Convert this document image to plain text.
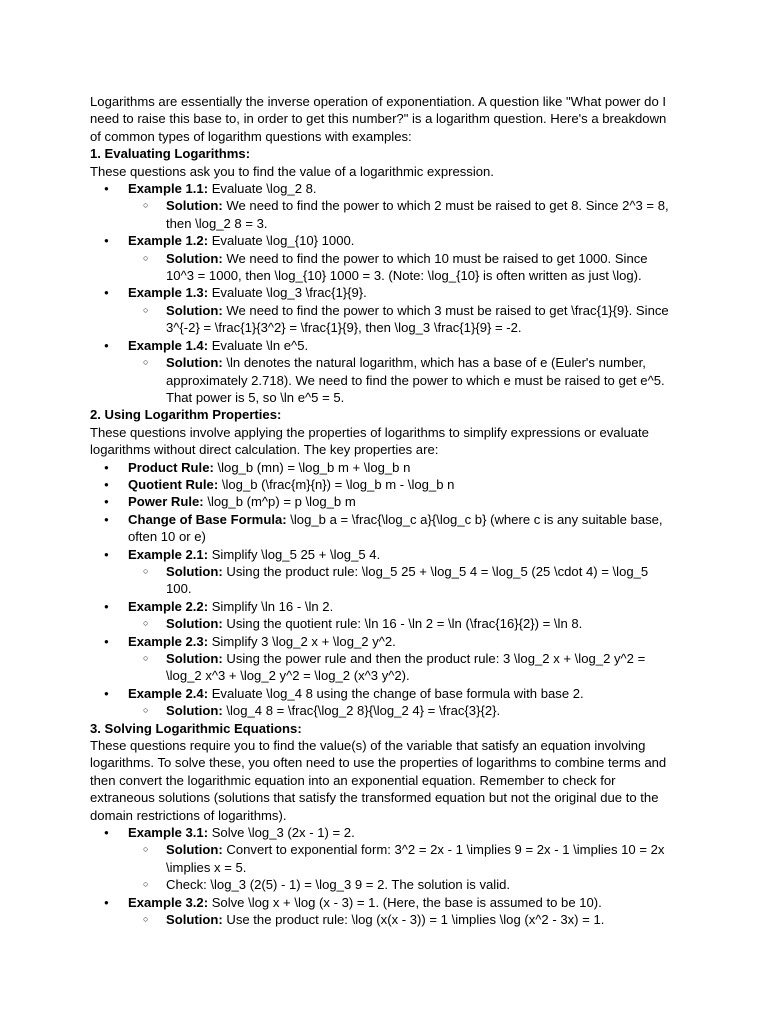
Logarithms are essentially the inverse operation of exponentiation. A question like "What power do I need to raise this base to, in order to get this number?" is a logarithm question. Here's a breakdown of common types of logarithm questions with examples:

1. Evaluating Logarithms:

These questions ask you to find the value of a logarithmic expression.

● Example 1.1: Evaluate \log_2 8.
○ Solution: We need to find the power to which 2 must be raised to get 8. Since 2^3 = 8, then \log_2 8 = 3.
● Example 1.2: Evaluate \log_{10} 1000.
○ Solution: We need to find the power to which 10 must be raised to get 1000. Since 10^3 = 1000, then \log_{10} 1000 = 3. (Note: \log_{10} is often written as just \log).
● Example 1.3: Evaluate \log_3 \frac{1}{9}.
○ Solution: We need to find the power to which 3 must be raised to get \frac{1}{9}. Since 3^{-2} = \frac{1}{3^2} = \frac{1}{9}, then \log_3 \frac{1}{9} = -2.
● Example 1.4: Evaluate \ln e^5.
○ Solution: \ln denotes the natural logarithm, which has a base of e (Euler's number, approximately 2.718). We need to find the power to which e must be raised to get e^5. That power is 5, so \ln e^5 = 5.

2. Using Logarithm Properties:

These questions involve applying the properties of logarithms to simplify expressions or evaluate logarithms without direct calculation. The key properties are:

● Product Rule: \log_b (mn) = \log_b m + \log_b n
● Quotient Rule: \log_b (\frac{m}{n}) = \log_b m - \log_b n
● Power Rule: \log_b (m^p) = p \log_b m
● Change of Base Formula: \log_b a = \frac{\log_c a}{\log_c b} (where c is any suitable base, often 10 or e)
● Example 2.1: Simplify \log_5 25 + \log_5 4.
○ Solution: Using the product rule: \log_5 25 + \log_5 4 = \log_5 (25 \cdot 4) = \log_5 100.
● Example 2.2: Simplify \ln 16 - \ln 2.
○ Solution: Using the quotient rule: \ln 16 - \ln 2 = \ln (\frac{16}{2}) = \ln 8.
● Example 2.3: Simplify 3 \log_2 x + \log_2 y^2.
○ Solution: Using the power rule and then the product rule: 3 \log_2 x + \log_2 y^2 = \log_2 x^3 + \log_2 y^2 = \log_2 (x^3 y^2).
● Example 2.4: Evaluate \log_4 8 using the change of base formula with base 2.
○ Solution: \log_4 8 = \frac{\log_2 8}{\log_2 4} = \frac{3}{2}.

3. Solving Logarithmic Equations:

These questions require you to find the value(s) of the variable that satisfy an equation involving logarithms. To solve these, you often need to use the properties of logarithms to combine terms and then convert the logarithmic equation into an exponential equation. Remember to check for extraneous solutions (solutions that satisfy the transformed equation but not the original due to the domain restrictions of logarithms).

● Example 3.1: Solve \log_3 (2x - 1) = 2.
○ Solution: Convert to exponential form: 3^2 = 2x - 1 \implies 9 = 2x - 1 \implies 10 = 2x \implies x = 5.
○ Check: \log_3 (2(5) - 1) = \log_3 9 = 2. The solution is valid.
● Example 3.2: Solve \log x + \log (x - 3) = 1. (Here, the base is assumed to be 10).
○ Solution: Use the product rule: \log (x(x - 3)) = 1 \implies \log (x^2 - 3x) = 1.
